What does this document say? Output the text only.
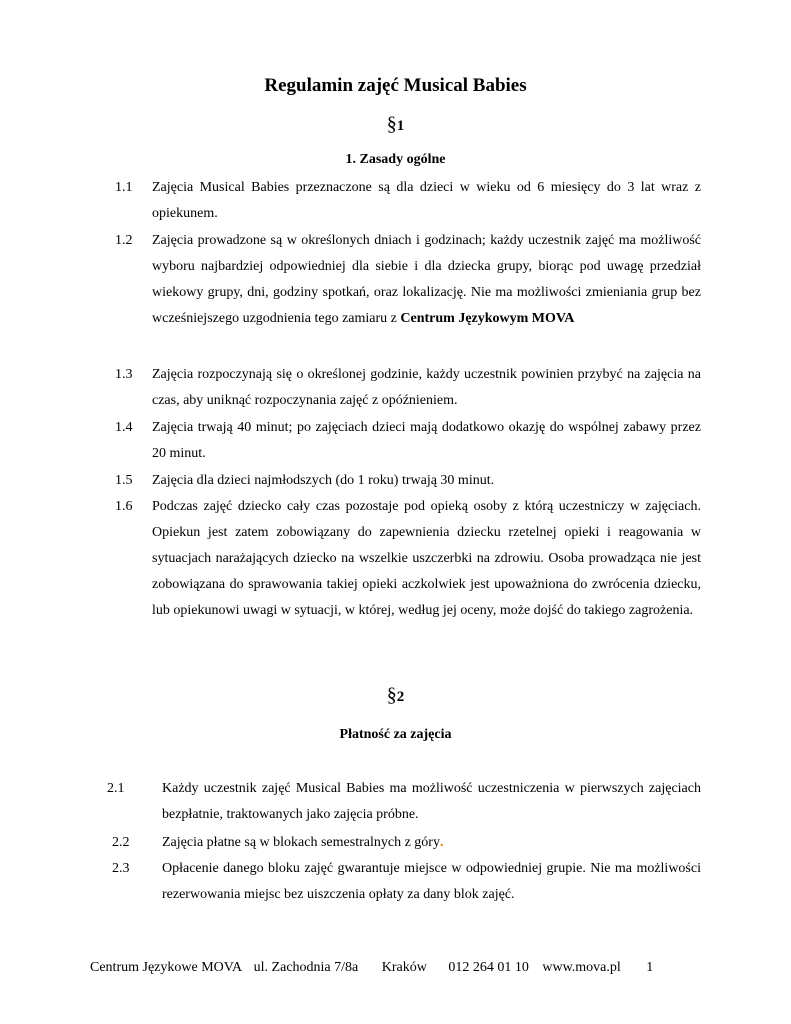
Regulamin zajęć Musical Babies
§1
1. Zasady ogólne
1.1 Zajęcia Musical Babies przeznaczone są dla dzieci w wieku od 6 miesięcy do 3 lat wraz z opiekunem.
1.2 Zajęcia prowadzone są w określonych dniach i godzinach; każdy uczestnik zajęć ma możliwość wyboru najbardziej odpowiedniej dla siebie i dla dziecka grupy, biorąc pod uwagę przedział wiekowy grupy, dni, godziny spotkań, oraz lokalizację. Nie ma możliwości zmieniania grup bez wcześniejszego uzgodnienia tego zamiaru z Centrum Językowym MOVA
1.3 Zajęcia rozpoczynają się o określonej godzinie, każdy uczestnik powinien przybyć na zajęcia na czas, aby uniknąć rozpoczynania zajęć z opóźnieniem.
1.4 Zajęcia trwają 40 minut; po zajęciach dzieci mają dodatkowo okazję do wspólnej zabawy przez 20 minut.
1.5 Zajęcia dla dzieci najmłodszych (do 1 roku) trwają 30 minut.
1.6 Podczas zajęć dziecko cały czas pozostaje pod opieką osoby z którą uczestniczy w zajęciach. Opiekun jest zatem zobowiązany do zapewnienia dziecku rzetelnej opieki i reagowania w sytuacjach narażających dziecko na wszelkie uszczerbki na zdrowiu. Osoba prowadząca nie jest zobowiązana do sprawowania takiej opieki aczkolwiek jest upoważniona do zwrócenia dziecku, lub opiekunowi uwagi w sytuacji, w której, według jej oceny, może dojść do takiego zagrożenia.
§2
Płatność za zajęcia
2.1	Każdy uczestnik zajęć Musical Babies ma możliwość uczestniczenia w pierwszych zajęciach bezpłatnie, traktowanych jako zajęcia próbne.
2.2 Zajęcia płatne są w blokach semestralnych z góry.
2.3 Opłacenie danego bloku zajęć gwarantuje miejsce w odpowiedniej grupie. Nie ma możliwości rezerwowania miejsc bez uiszczenia opłaty za dany blok zajęć.
Centrum Językowe MOVA ul. Zachodnia 7/8a Kraków 012 264 01 10 www.mova.pl 1
